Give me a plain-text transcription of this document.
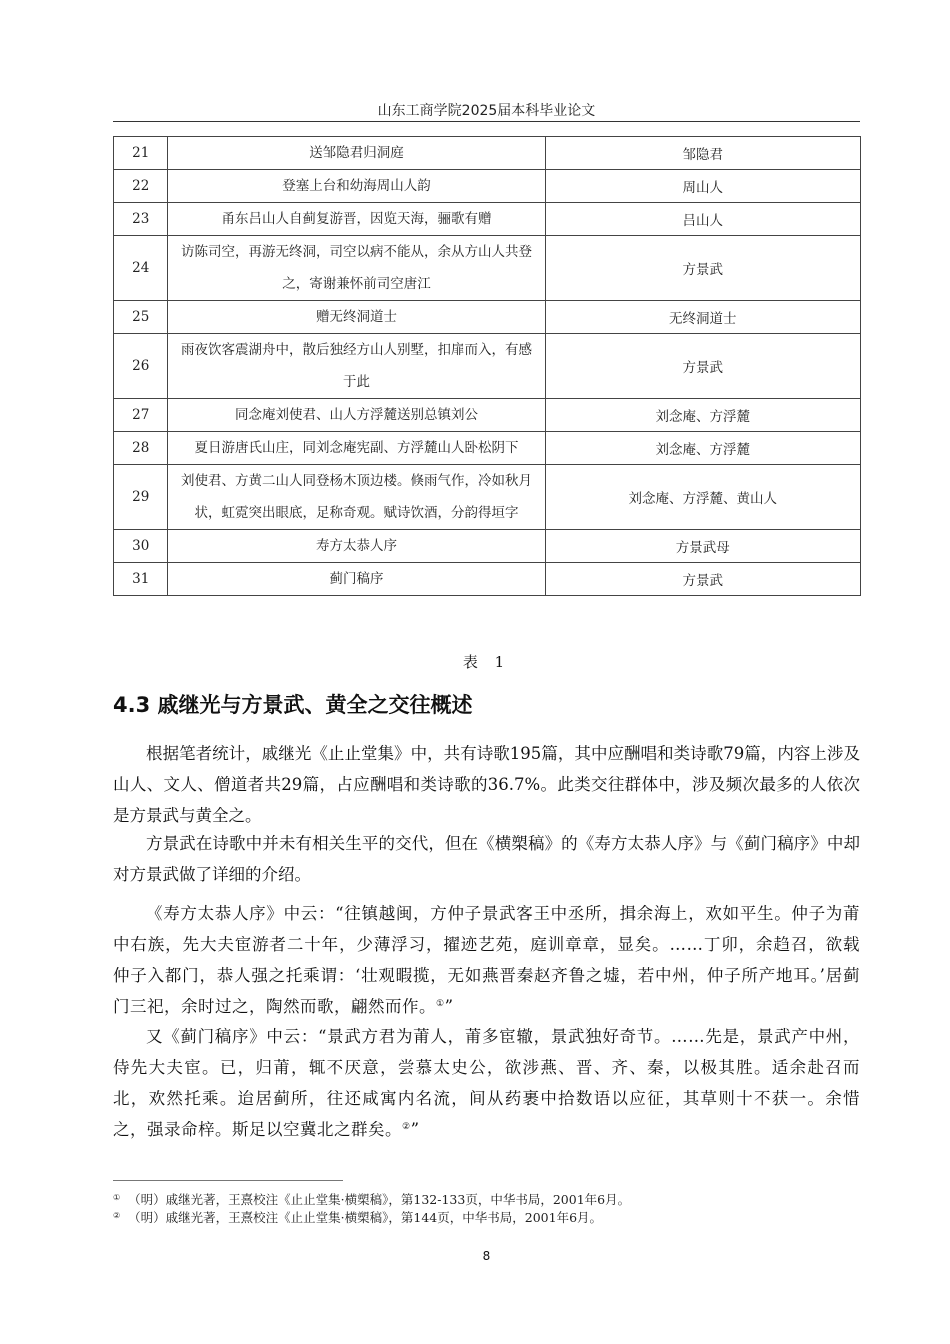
山东工商学院2025届本科毕业论文
21	送邹隐君归洞庭	邹隐君
22	登塞上台和幼海周山人韵	周山人
23	甬东吕山人自蓟复游晋，因览天海，骊歌有赠	吕山人
24	访陈司空，再游无终洞，司空以病不能从，余从方山人共登之，寄谢兼怀前司空唐江	方景武
25	赠无终洞道士	无终洞道士
26	雨夜饮客震湖舟中，散后独经方山人别墅，扣扉而入，有感于此	方景武
27	同念庵刘使君、山人方浮麓送别总镇刘公	刘念庵、方浮麓
28	夏日游唐氏山庄，同刘念庵宪副、方浮麓山人卧松阴下	刘念庵、方浮麓
29	刘使君、方黄二山人同登杨木顶边楼。倏雨气作，冷如秋月状，虹霓突出眼底，足称奇观。赋诗饮酒，分韵得垣字	刘念庵、方浮麓、黄山人
30	寿方太恭人序	方景武母
31	蓟门稿序	方景武
表 1
4.3 戚继光与方景武、黄全之交往概述

根据笔者统计，戚继光《止止堂集》中，共有诗歌195篇，其中应酬唱和类诗歌79篇，内容上涉及山人、文人、僧道者共29篇，占应酬唱和类诗歌的36.7%。此类交往群体中，涉及频次最多的人依次是方景武与黄全之。

方景武在诗歌中并未有相关生平的交代，但在《横槊稿》的《寿方太恭人序》与《蓟门稿序》中却对方景武做了详细的介绍。

《寿方太恭人序》中云：“往镇越闽，方仲子景武客王中丞所，揖余海上，欢如平生。仲子为莆中右族，先大夫宦游者二十年，少薄浮习，擢迹艺苑，庭训章章，显矣。……丁卯，余趋召，欲载仲子入都门，恭人强之托乘谓：‘壮观暇揽，无如燕晋秦赵齐鲁之墟，若中州，仲子所产地耳。’居蓟门三祀，余时过之，陶然而歌，翩然而作。①”

又《蓟门稿序》中云：“景武方君为莆人，莆多宦辙，景武独好奇节。……先是，景武产中州，侍先大夫宦。已，归莆，辄不厌意，尝慕太史公，欲涉燕、晋、齐、秦，以极其胜。适余赴召而北，欢然托乘。迨居蓟所，往还咸寓内名流，间从药裹中拾数语以应征，其草则十不获一。余惜之，强录命梓。斯足以空冀北之群矣。②”

① （明）戚继光著，王熹校注《止止堂集·横槊稿》，第132-133页，中华书局，2001年6月。
② （明）戚继光著，王熹校注《止止堂集·横槊稿》，第144页，中华书局，2001年6月。
8
